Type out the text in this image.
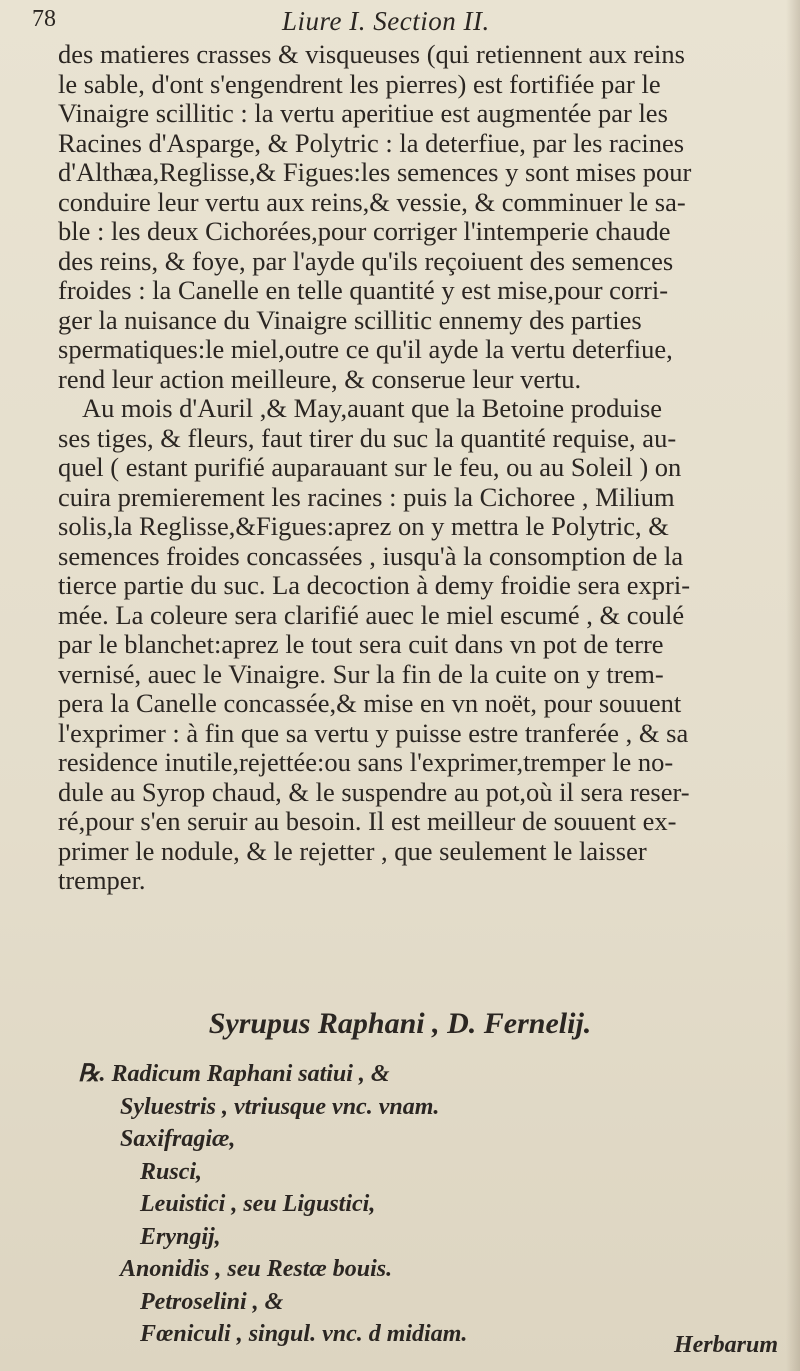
78	Liure I. Section II.
des matieres crasses & visqueuses (qui retiennent aux reins
le sable, d'ont s'engendrent les pierres) est fortifiée par le
Vinaigre scillitic : la vertu aperitiue est augmentée par les
Racines d'Asparge, & Polytric : la deterfiue, par les racines
d'Althæa,Reglisse,& Figues:les semences y sont mises pour
conduire leur vertu aux reins,& vessie, & comminuer le sa-
ble : les deux Cichorées,pour corriger l'intemperie chaude
des reins, & foye, par l'ayde qu'ils reçoiuent des semences
froides : la Canelle en telle quantité y est mise,pour corri-
ger la nuisance du Vinaigre scillitic ennemy des parties
spermatiques:le miel,outre ce qu'il ayde la vertu deterfiue,
rend leur action meilleure, & conserue leur vertu.
Au mois d'Auril ,& May,auant que la Betoine produise
ses tiges, & fleurs, faut tirer du suc la quantité requise, au-
quel ( estant purifié auparauant sur le feu, ou au Soleil ) on
cuira premierement les racines : puis la Cichoree , Milium
solis,la Reglisse,&Figues:aprez on y mettra le Polytric, &
semences froides concassées , iusqu'à la consomption de la
tierce partie du suc. La decoction à demy froidie sera expri-
mée. La coleure sera clarifié auec le miel escumé , & coulé
par le blanchet:aprez le tout sera cuit dans vn pot de terre
vernisé, auec le Vinaigre. Sur la fin de la cuite on y trem-
pera la Canelle concassée,& mise en vn noët, pour souuent
l'exprimer : à fin que sa vertu y puisse estre tranferée , & sa
residence inutile,rejettée:ou sans l'exprimer,tremper le no-
dule au Syrop chaud, & le suspendre au pot,où il sera reser-
ré,pour s'en seruir au besoin. Il est meilleur de souuent ex-
primer le nodule, & le rejetter , que seulement le laisser
tremper.
Syrupus Raphani , D. Fernelij.
℞. Radicum Raphani satiui , &
Syluestris , vtriusque vnc. vnam.
Saxifragiæ,
Rusci,
Leuistici , seu Ligustici,
Eryngij,
Anonidis , seu Restæ bouis.
Petroselini , &
Fœniculi , singul. vnc. d midiam.	Herbarum
